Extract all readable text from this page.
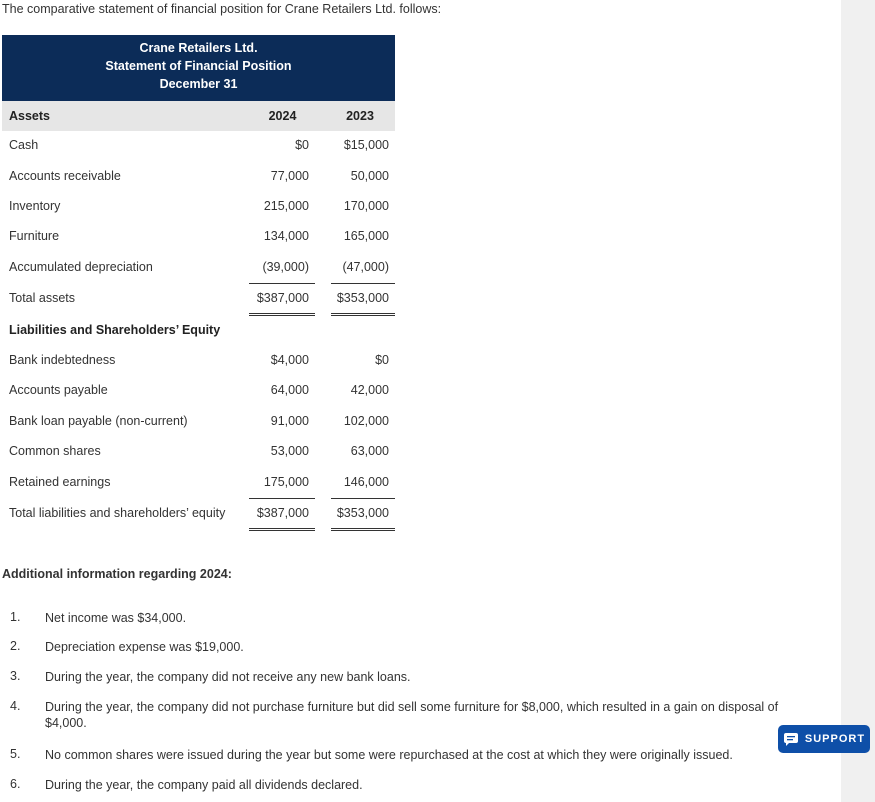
The comparative statement of financial position for Crane Retailers Ltd. follows:
Crane Retailers Ltd.
Statement of Financial Position
December 31
Assets	2024	2023
Cash	$0	$15,000
Accounts receivable	77,000	50,000
Inventory	215,000	170,000
Furniture	134,000	165,000
Accumulated depreciation	(39,000)	(47,000)
Total assets	$387,000	$353,000
Liabilities and Shareholders’ Equity
Bank indebtedness	$4,000	$0
Accounts payable	64,000	42,000
Bank loan payable (non-current)	91,000	102,000
Common shares	53,000	63,000
Retained earnings	175,000	146,000
Total liabilities and shareholders’ equity	$387,000	$353,000
Additional information regarding 2024:
1. Net income was $34,000.
2. Depreciation expense was $19,000.
3. During the year, the company did not receive any new bank loans.
4. During the year, the company did not purchase furniture but did sell some furniture for $8,000, which resulted in a gain on disposal of $4,000.
5. No common shares were issued during the year but some were repurchased at the cost at which they were originally issued.
6. During the year, the company paid all dividends declared.
SUPPORT
